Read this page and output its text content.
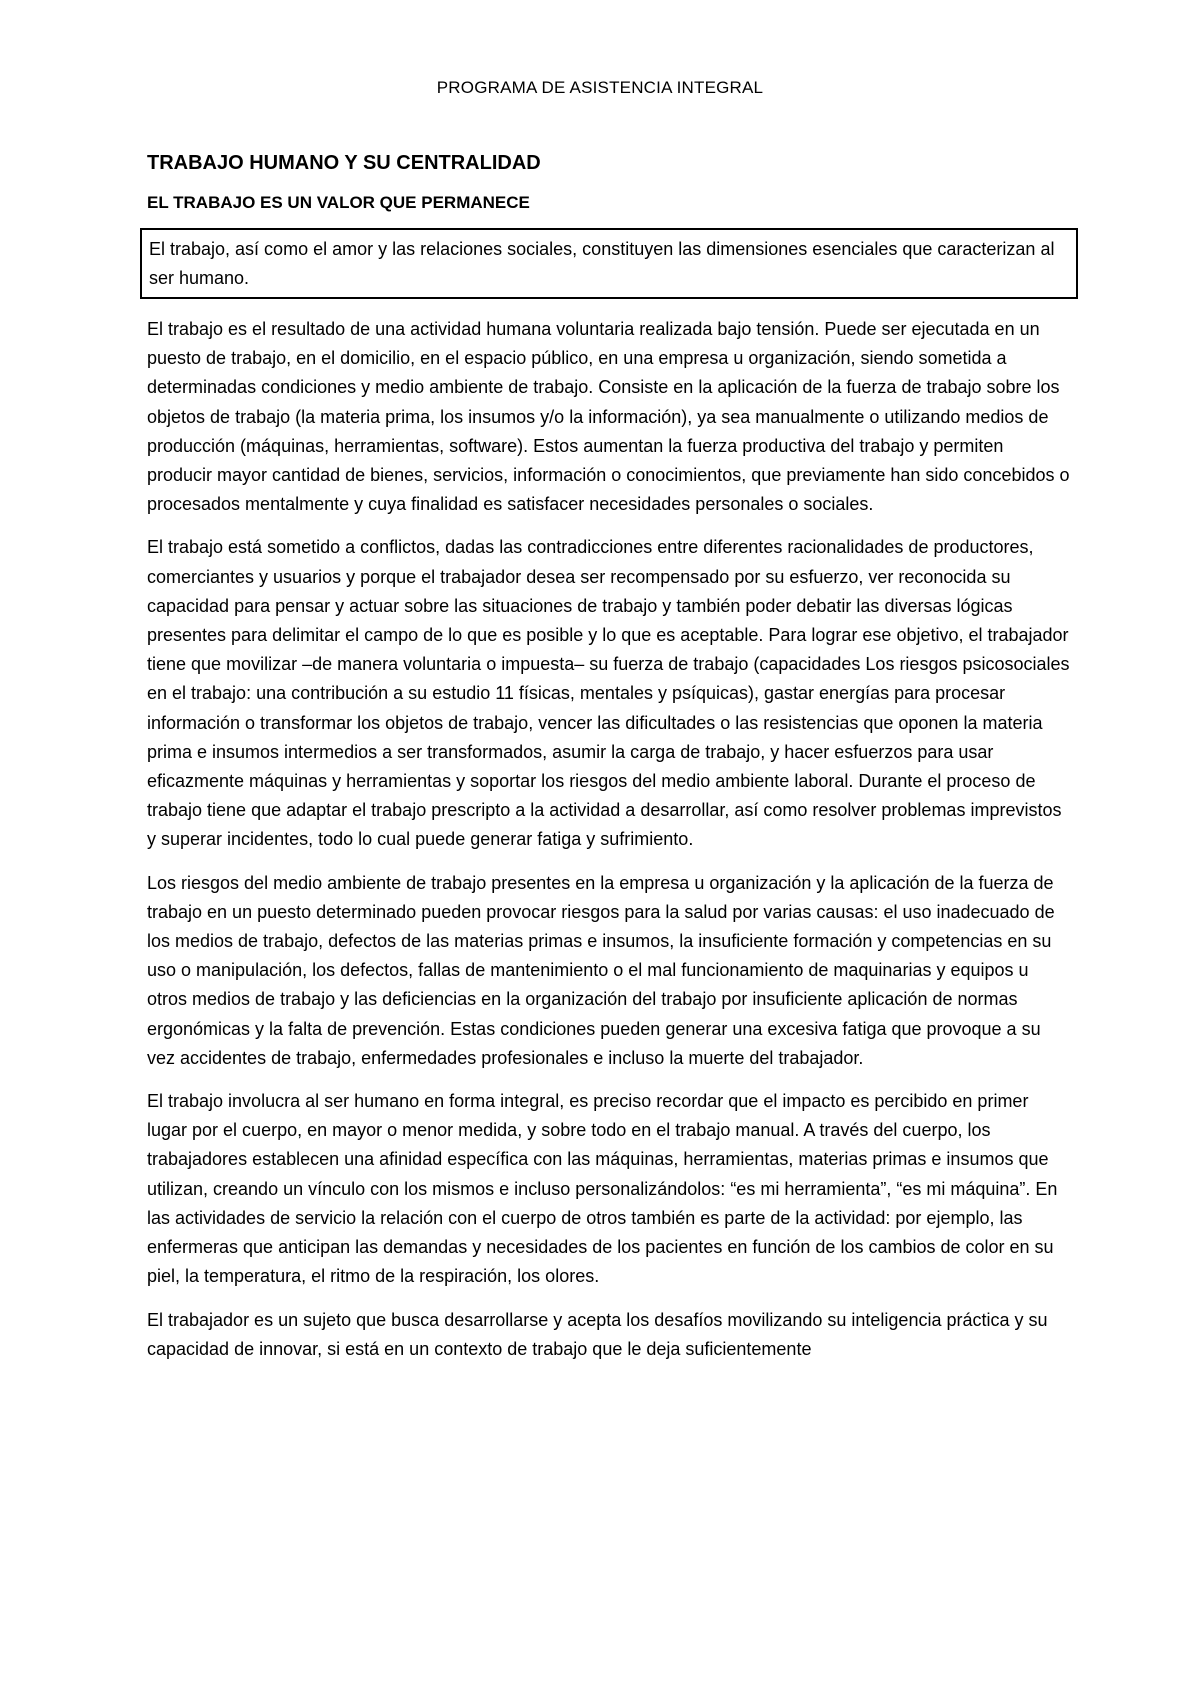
PROGRAMA DE ASISTENCIA INTEGRAL
TRABAJO HUMANO Y SU CENTRALIDAD
EL TRABAJO ES UN VALOR QUE PERMANECE
El trabajo, así como el amor y las relaciones sociales, constituyen las dimensiones esenciales que caracterizan al ser humano.

El trabajo es el resultado de una actividad humana voluntaria realizada bajo tensión. Puede ser ejecutada en un puesto de trabajo, en el domicilio, en el espacio público, en una empresa u organización, siendo sometida a determinadas condiciones y medio ambiente de trabajo. Consiste en la aplicación de la fuerza de trabajo sobre los objetos de trabajo (la materia prima, los insumos y/o la información), ya sea manualmente o utilizando medios de producción (máquinas, herramientas, software). Estos aumentan la fuerza productiva del trabajo y permiten producir mayor cantidad de bienes, servicios, información o conocimientos, que previamente han sido concebidos o procesados mentalmente y cuya finalidad es satisfacer necesidades personales o sociales.

El trabajo está sometido a conflictos, dadas las contradicciones entre diferentes racionalidades de productores, comerciantes y usuarios y porque el trabajador desea ser recompensado por su esfuerzo, ver reconocida su capacidad para pensar y actuar sobre las situaciones de trabajo y también poder debatir las diversas lógicas presentes para delimitar el campo de lo que es posible y lo que es aceptable. Para lograr ese objetivo, el trabajador tiene que movilizar –de manera voluntaria o impuesta– su fuerza de trabajo (capacidades Los riesgos psicosociales en el trabajo: una contribución a su estudio 11 físicas, mentales y psíquicas), gastar energías para procesar información o transformar los objetos de trabajo, vencer las dificultades o las resistencias que oponen la materia prima e insumos intermedios a ser transformados, asumir la carga de trabajo, y hacer esfuerzos para usar eficazmente máquinas y herramientas y soportar los riesgos del medio ambiente laboral. Durante el proceso de trabajo tiene que adaptar el trabajo prescripto a la actividad a desarrollar, así como resolver problemas imprevistos y superar incidentes, todo lo cual puede generar fatiga y sufrimiento.

Los riesgos del medio ambiente de trabajo presentes en la empresa u organización y la aplicación de la fuerza de trabajo en un puesto determinado pueden provocar riesgos para la salud por varias causas: el uso inadecuado de los medios de trabajo, defectos de las materias primas e insumos, la insuficiente formación y competencias en su uso o manipulación, los defectos, fallas de mantenimiento o el mal funcionamiento de maquinarias y equipos u otros medios de trabajo y las deficiencias en la organización del trabajo por insuficiente aplicación de normas ergonómicas y la falta de prevención. Estas condiciones pueden generar una excesiva fatiga que provoque a su vez accidentes de trabajo, enfermedades profesionales e incluso la muerte del trabajador.

El trabajo involucra al ser humano en forma integral, es preciso recordar que el impacto es percibido en primer lugar por el cuerpo, en mayor o menor medida, y sobre todo en el trabajo manual. A través del cuerpo, los trabajadores establecen una afinidad específica con las máquinas, herramientas, materias primas e insumos que utilizan, creando un vínculo con los mismos e incluso personalizándolos: “es mi herramienta”, “es mi máquina”. En las actividades de servicio la relación con el cuerpo de otros también es parte de la actividad: por ejemplo, las enfermeras que anticipan las demandas y necesidades de los pacientes en función de los cambios de color en su piel, la temperatura, el ritmo de la respiración, los olores.

El trabajador es un sujeto que busca desarrollarse y acepta los desafíos movilizando su inteligencia práctica y su capacidad de innovar, si está en un contexto de trabajo que le deja suficientemente
